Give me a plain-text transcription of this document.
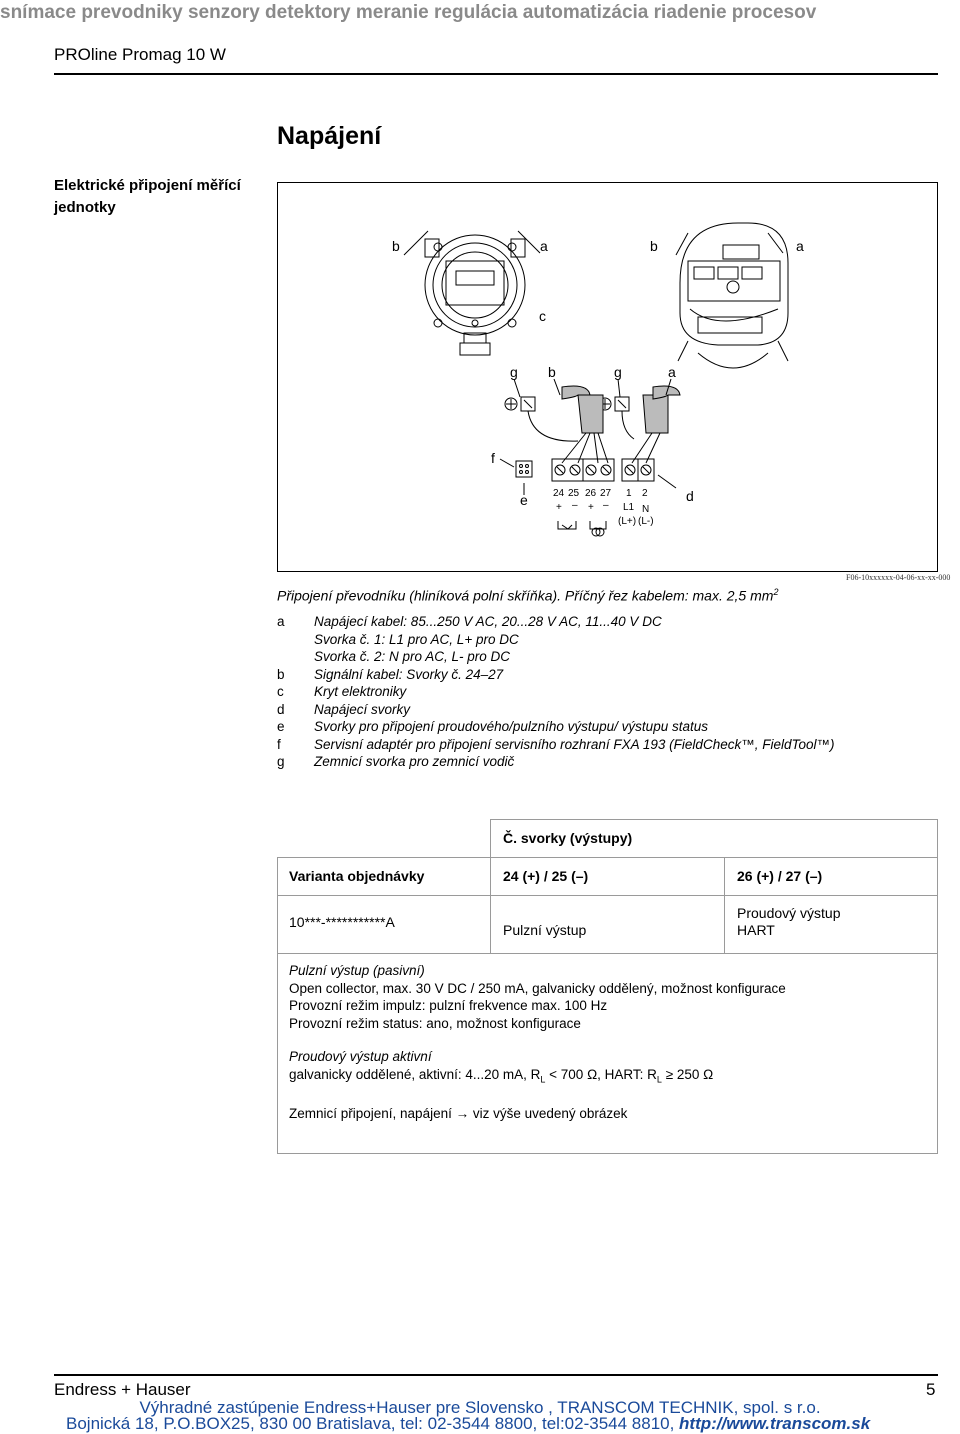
snímace prevodniky senzory detektory meranie regulácia automatizácia riadenie procesov
PROline Promag 10 W
Napájení
Elektrické připojení měřící jednotky
b	a	b	a
c
g b	g	a
f
e	d
24 25 26 27 1 2
+ – + – L1 N
(L+) (L-)
F06-10xxxxxx-04-06-xx-xx-000
Připojení převodníku (hliníková polní skříňka). Příčný řez kabelem: max. 2,5 $mm^2$
a	Napájecí kabel: 85...250 V AC, 20...28 V AC, 11...40 V DC
Svorka č. 1: L1 pro AC, L+ pro DC
Svorka č. 2: N pro AC, L- pro DC
b	Signální kabel: Svorky č. 24–27
c	Kryt elektroniky
d	Napájecí svorky
e	Svorky pro připojení proudového/pulzního výstupu/ výstupu status
f	Servisní adaptér pro připojení servisního rozhraní FXA 193 (FieldCheck™, FieldTool™)
g	Zemnicí svorka pro zemnicí vodič
	Č. svorky (výstupy)	
Varianta objednávky	24 (+) / 25 (–)	26 (+) / 27 (–)
10***-***********A	Pulzní výstup	Proudový výstup
HART

Pulzní výstup (pasivní)
Open collector, max. 30 V DC / 250 mA, galvanicky oddělený, možnost konfigurace
Provozní režim impulz: pulzní frekvence max. 100 Hz
Provozní režim status: ano, možnost konfigurace
Proudový výstup aktivní
galvanicky oddělené, aktivní: 4...20 mA, $R_L < 700$ Ω, HART: $R_L \ge 250$ Ω
Zemnicí připojení, napájení → viz výše uvedený obrázek
Endress + Hauser	5
Výhradné zastúpenie Endress+Hauser pre Slovensko , TRANSCOM TECHNIK, spol. s r.o.
Bojnická 18, P.O.BOX25, 830 00 Bratislava, tel: 02-3544 8800, tel:02-3544 8810, http://www.transcom.sk
